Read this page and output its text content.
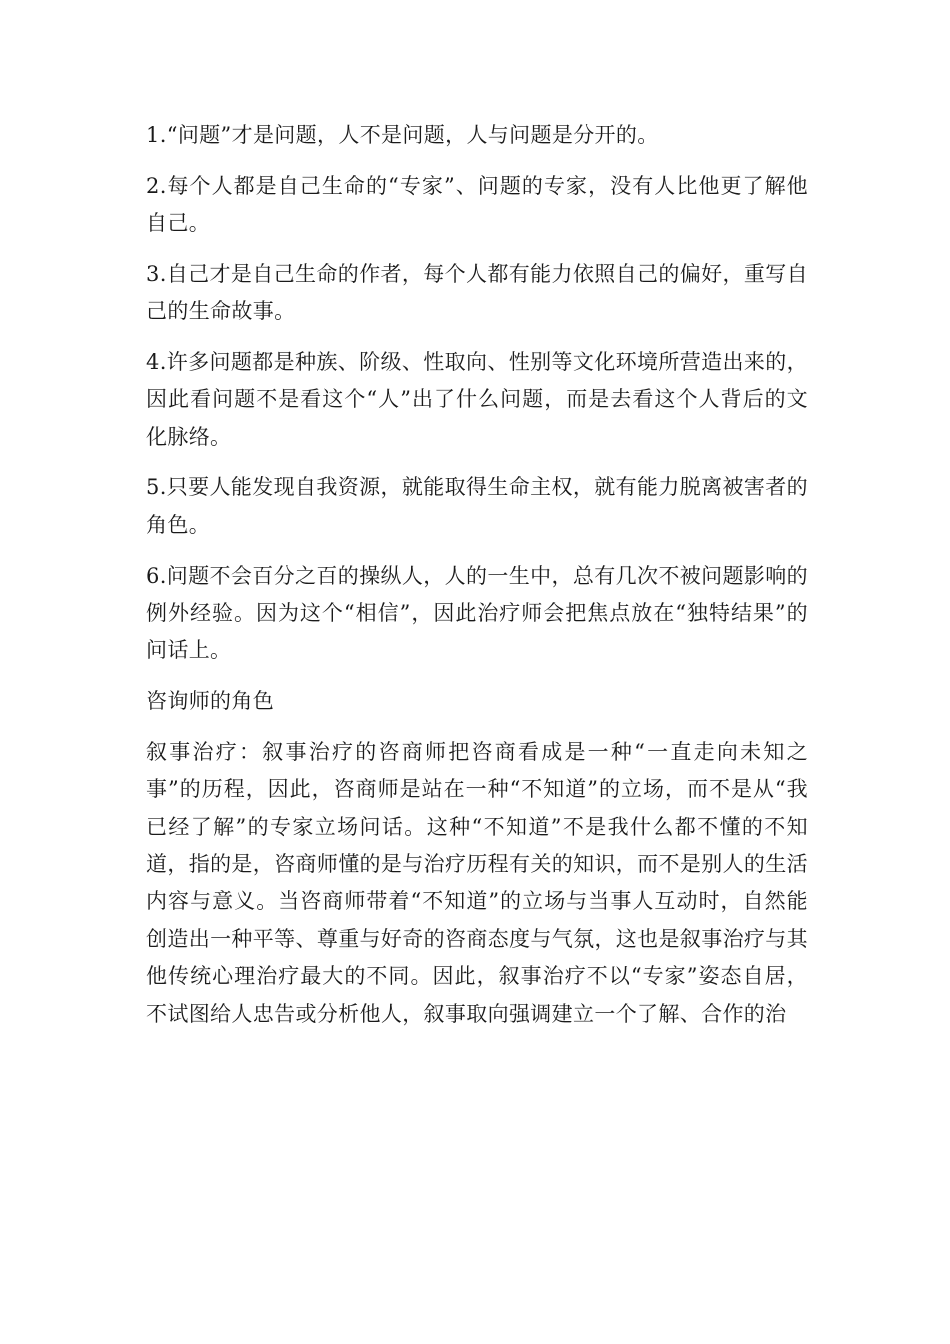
1.“问题”才是问题，人不是问题，人与问题是分开的。

2.每个人都是自己生命的“专家”、问题的专家，没有人比他更了解他自己。

3.自己才是自己生命的作者，每个人都有能力依照自己的偏好，重写自己的生命故事。

4.许多问题都是种族、阶级、性取向、性别等文化环境所营造出来的，因此看问题不是看这个“人”出了什么问题，而是去看这个人背后的文化脉络。

5.只要人能发现自我资源，就能取得生命主权，就有能力脱离被害者的角色。

6.问题不会百分之百的操纵人，人的一生中，总有几次不被问题影响的例外经验。因为这个“相信”，因此治疗师会把焦点放在“独特结果”的问话上。

咨询师的角色

叙事治疗：叙事治疗的咨商师把咨商看成是一种“一直走向未知之事”的历程，因此，咨商师是站在一种“不知道”的立场，而不是从“我已经了解”的专家立场问话。这种“不知道”不是我什么都不懂的不知道，指的是，咨商师懂的是与治疗历程有关的知识，而不是别人的生活内容与意义。当咨商师带着“不知道”的立场与当事人互动时，自然能创造出一种平等、尊重与好奇的咨商态度与气氛，这也是叙事治疗与其他传统心理治疗最大的不同。因此，叙事治疗不以“专家”姿态自居，不试图给人忠告或分析他人，叙事取向强调建立一个了解、合作的治
